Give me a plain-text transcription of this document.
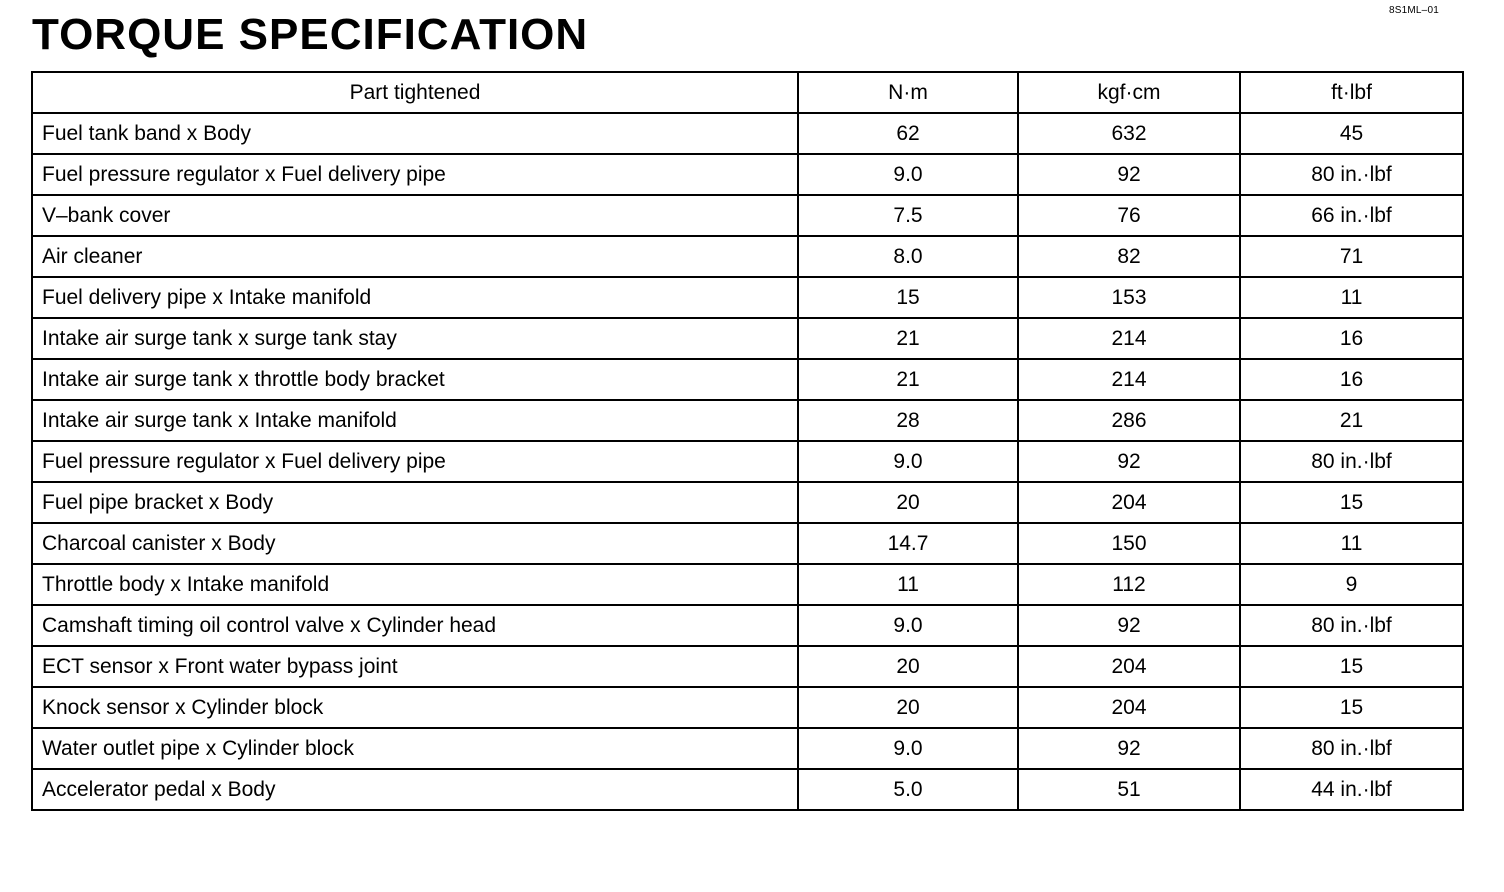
8S1ML–01
TORQUE SPECIFICATION
Part tightened	N·m	kgf·cm	ft·lbf
Fuel tank band x Body	62	632	45
Fuel pressure regulator x Fuel delivery pipe	9.0	92	80 in.·lbf
V–bank cover	7.5	76	66 in.·lbf
Air cleaner	8.0	82	71
Fuel delivery pipe x Intake manifold	15	153	11
Intake air surge tank x surge tank stay	21	214	16
Intake air surge tank x throttle body bracket	21	214	16
Intake air surge tank x Intake manifold	28	286	21
Fuel pressure regulator x Fuel delivery pipe	9.0	92	80 in.·lbf
Fuel pipe bracket x Body	20	204	15
Charcoal canister x Body	14.7	150	11
Throttle body x Intake manifold	11	112	9
Camshaft timing oil control valve x Cylinder head	9.0	92	80 in.·lbf
ECT sensor x Front water bypass joint	20	204	15
Knock sensor x Cylinder block	20	204	15
Water outlet pipe x Cylinder block	9.0	92	80 in.·lbf
Accelerator pedal x Body	5.0	51	44 in.·lbf
